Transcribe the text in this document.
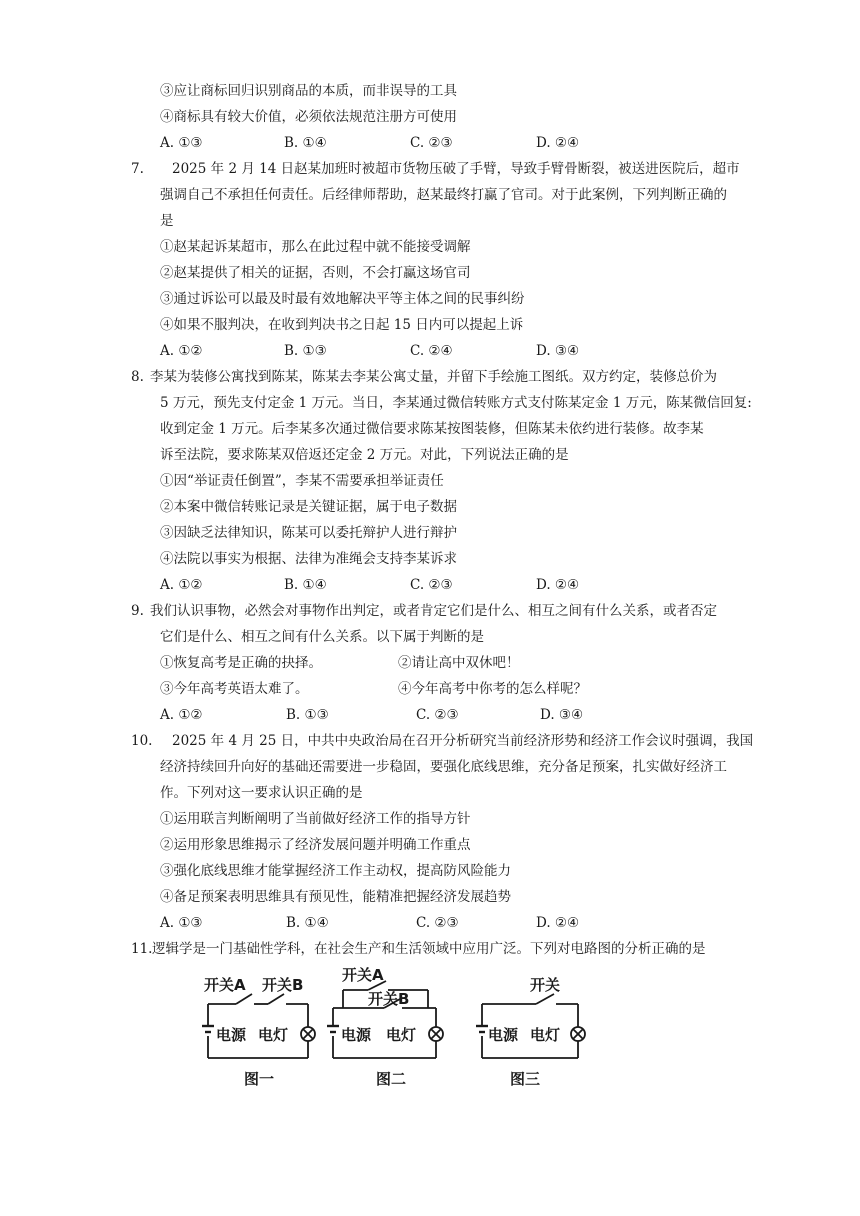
③应让商标回归识别商品的本质，而非误导的工具
④商标具有较大价值，必须依法规范注册方可使用
A. ①③	B. ①④	C. ②③	D. ②④
7. 2025 年 2 月 14 日赵某加班时被超市货物压破了手臂，导致手臂骨断裂，被送进医院后，超市
强调自己不承担任何责任。后经律师帮助，赵某最终打赢了官司。对于此案例，下列判断正确的
是
①赵某起诉某超市，那么在此过程中就不能接受调解
②赵某提供了相关的证据，否则，不会打赢这场官司
③通过诉讼可以最及时最有效地解决平等主体之间的民事纠纷
④如果不服判决，在收到判决书之日起 15 日内可以提起上诉
A. ①②	B. ①③	C. ②④	D. ③④
8. 李某为装修公寓找到陈某，陈某去李某公寓丈量，并留下手绘施工图纸。双方约定，装修总价为
5 万元，预先支付定金 1 万元。当日，李某通过微信转账方式支付陈某定金 1 万元，陈某微信回复:
收到定金 1 万元。后李某多次通过微信要求陈某按图装修，但陈某未依约进行装修。故李某
诉至法院，要求陈某双倍返还定金 2 万元。对此，下列说法正确的是
①因“举证责任倒置”，李某不需要承担举证责任
②本案中微信转账记录是关键证据，属于电子数据
③因缺乏法律知识，陈某可以委托辩护人进行辩护
④法院以事实为根据、法律为准绳会支持李某诉求
A. ①②	B. ①④	C. ②③	D. ②④
9. 我们认识事物，必然会对事物作出判定，或者肯定它们是什么、相互之间有什么关系，或者否定
它们是什么、相互之间有什么关系。以下属于判断的是
①恢复高考是正确的抉择。	②请让高中双休吧！
③今年高考英语太难了。	④今年高考中你考的怎么样呢？
A. ①②	B. ①③	C. ②③	D. ③④
10. 2025 年 4 月 25 日，中共中央政治局在召开分析研究当前经济形势和经济工作会议时强调，我国
经济持续回升向好的基础还需要进一步稳固，要强化底线思维，充分备足预案，扎实做好经济工
作。下列对这一要求认识正确的是
①运用联言判断阐明了当前做好经济工作的指导方针
②运用形象思维揭示了经济发展问题并明确工作重点
③强化底线思维才能掌握经济工作主动权，提高防风险能力
④备足预案表明思维具有预见性，能精准把握经济发展趋势
A. ①③	B. ①④	C. ②③	D. ②④
11. 逻辑学是一门基础性学科，在社会生产和生活领域中应用广泛。下列对电路图的分析正确的是
开关A 开关B
电源 电灯
图一
开关A
开关B
电源 电灯
图二
开关
电源 电灯
图三
